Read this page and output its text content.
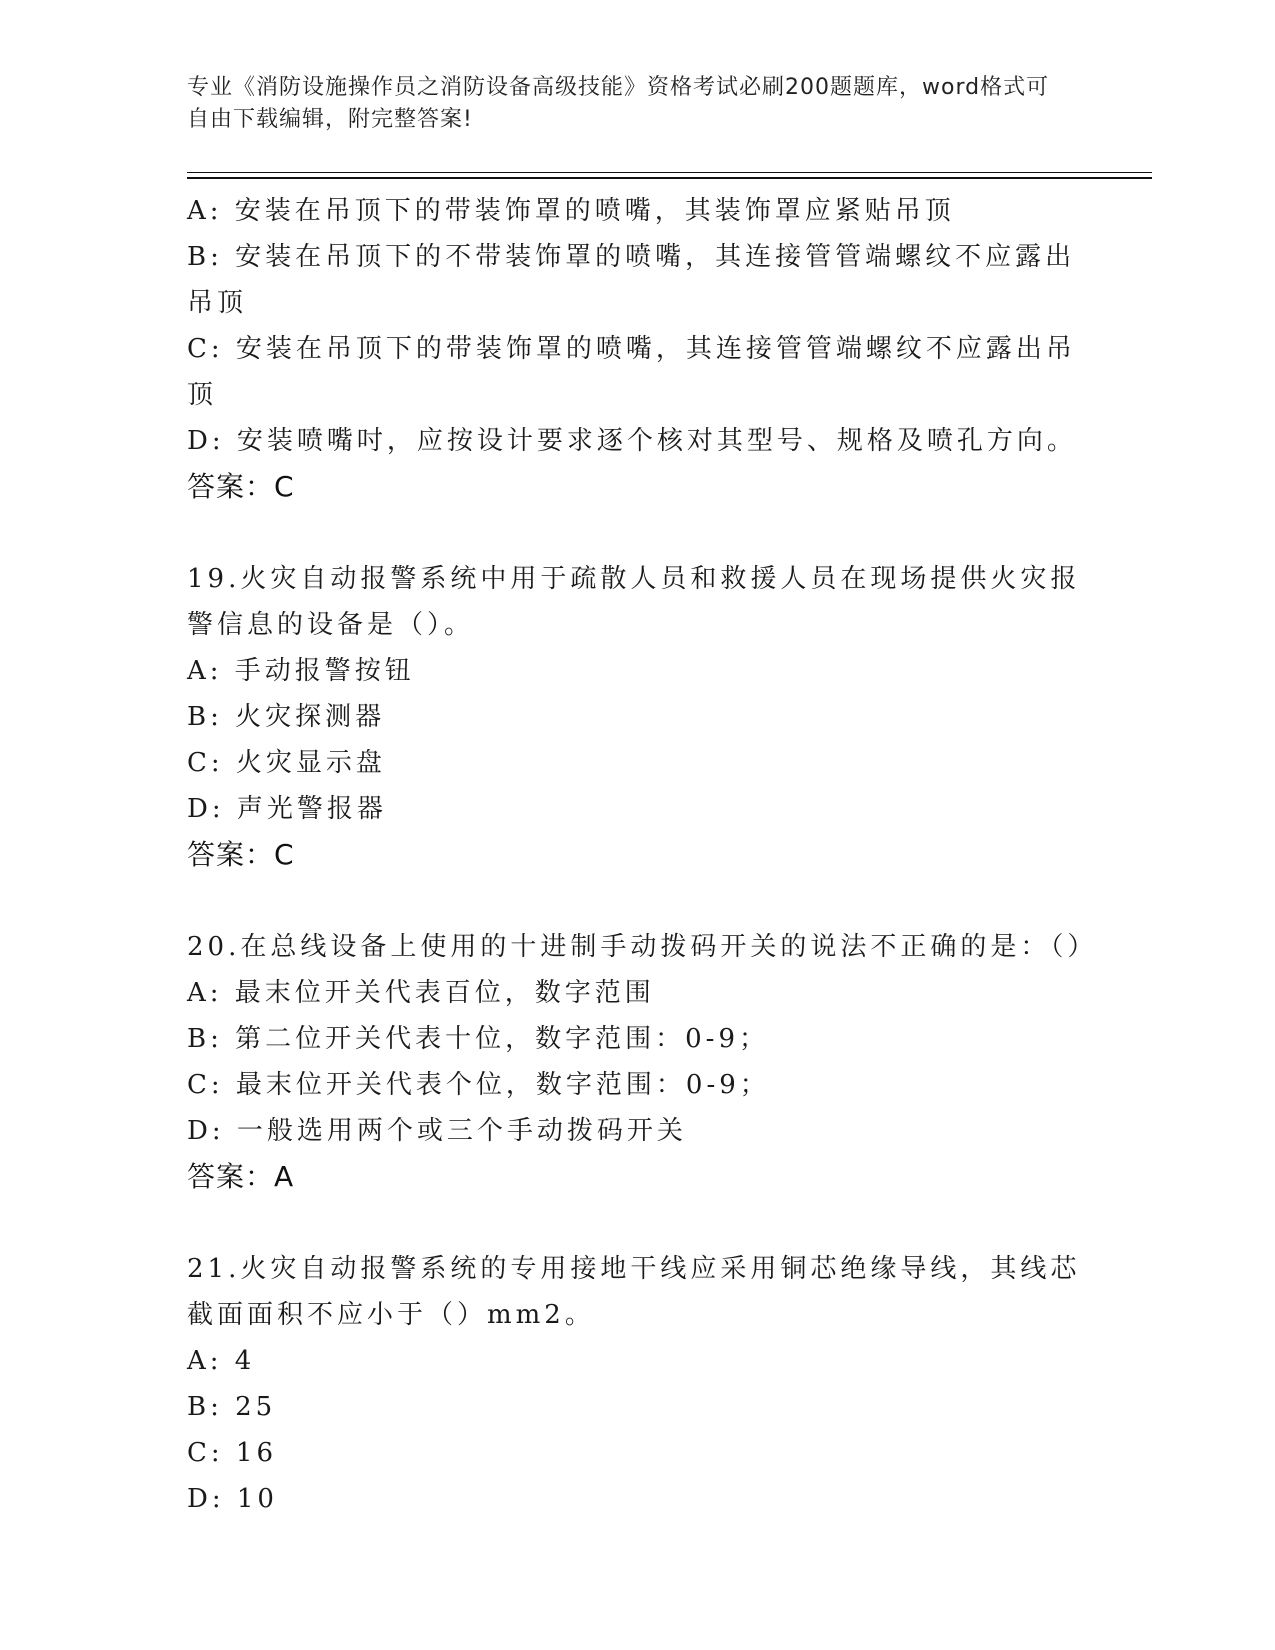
专业《消防设施操作员之消防设备高级技能》资格考试必刷200题题库，word格式可自由下载编辑，附完整答案!
A: 安装在吊顶下的带装饰罩的喷嘴，其装饰罩应紧贴吊顶
B: 安装在吊顶下的不带装饰罩的喷嘴，其连接管管端螺纹不应露出吊顶
C: 安装在吊顶下的带装饰罩的喷嘴，其连接管管端螺纹不应露出吊顶
D: 安装喷嘴吋，应按设计要求逐个核对其型号、规格及喷孔方向。
答案：C
19.火灾自动报警系统中用于疏散人员和救援人员在现场提供火灾报警信息的设备是（）。
A: 手动报警按钮
B: 火灾探测器
C: 火灾显示盘
D: 声光警报器
答案：C
20.在总线设备上使用的十进制手动拨码开关的说法不正确的是：（）
A: 最末位开关代表百位，数字范围
B: 第二位开关代表十位，数字范围：0-9；
C: 最末位开关代表个位，数字范围：0-9；
D: 一般选用两个或三个手动拨码开关
答案：A
21.火灾自动报警系统的专用接地干线应采用铜芯绝缘导线，其线芯截面面积不应小于（）mm2。
A: 4
B: 25
C: 16
D: 10
